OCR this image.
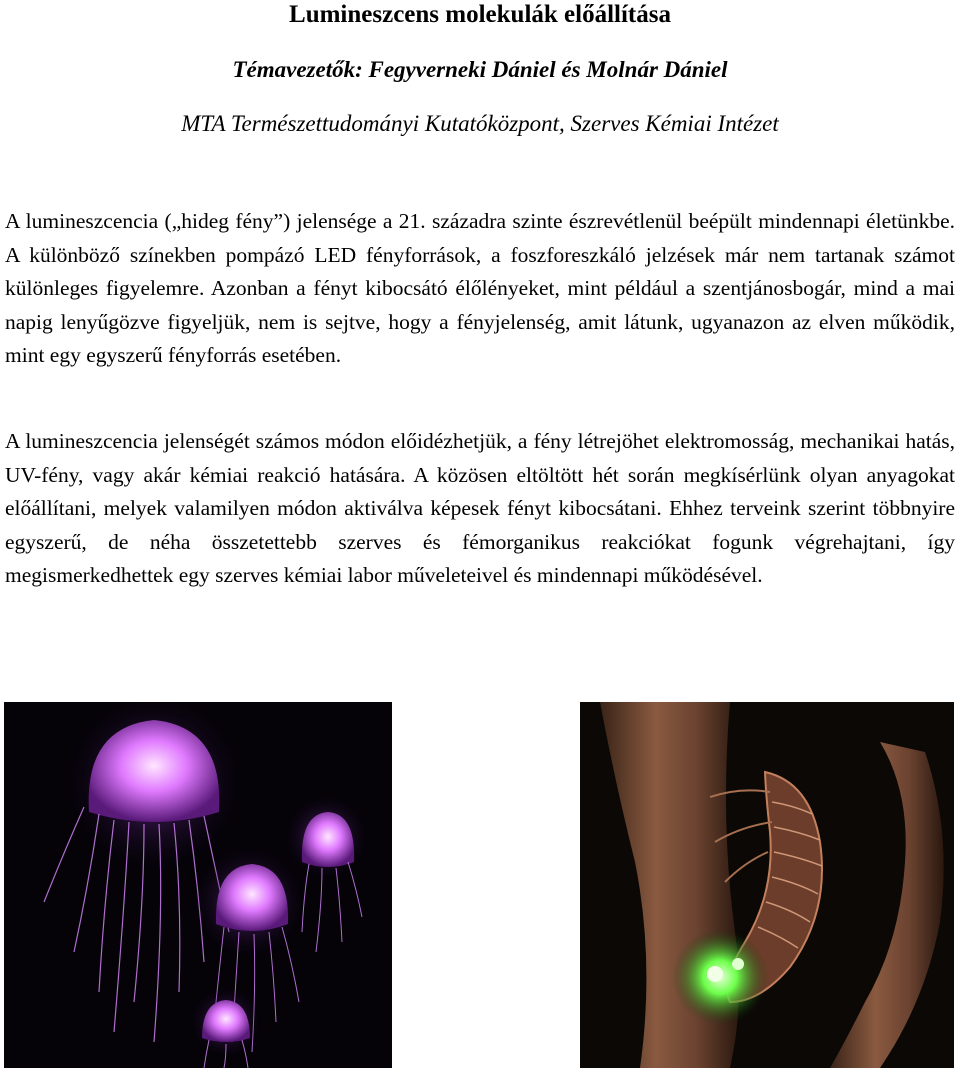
Lumineszcens molekulák előállítása
Témavezetők: Fegyverneki Dániel és Molnár Dániel
MTA Természettudományi Kutatóközpont, Szerves Kémiai Intézet

A lumineszcencia („hideg fény”) jelensége a 21. századra szinte észrevétlenül beépült mindennapi életünkbe. A különböző színekben pompázó LED fényforrások, a foszforeszkáló jelzések már nem tartanak számot különleges figyelemre. Azonban a fényt kibocsátó élőlényeket, mint például a szentjánosbogár, mind a mai napig lenyűgözve figyeljük, nem is sejtve, hogy a fényjelenség, amit látunk, ugyanazon az elven működik, mint egy egyszerű fényforrás esetében.

A lumineszcencia jelenségét számos módon előidézhetjük, a fény létrejöhet elektromosság, mechanikai hatás, UV-fény, vagy akár kémiai reakció hatására. A közösen eltöltött hét során megkísérlünk olyan anyagokat előállítani, melyek valamilyen módon aktiválva képesek fényt kibocsátani. Ehhez terveink szerint többnyire egyszerű, de néha összetettebb szerves és fémorganikus reakciókat fogunk végrehajtani, így megismerkedhettek egy szerves kémiai labor műveleteivel és mindennapi működésével.
